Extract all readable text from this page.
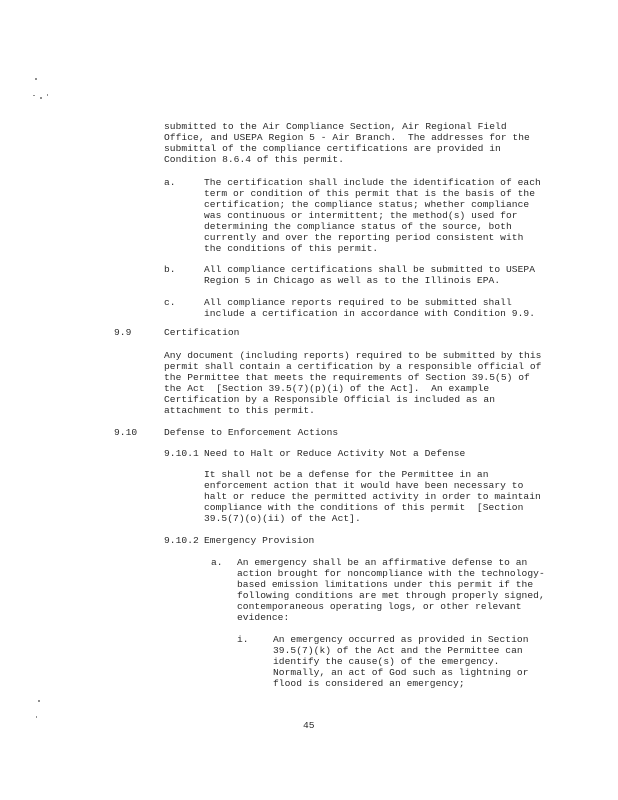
submitted to the Air Compliance Section, Air Regional Field
Office, and USEPA Region 5 - Air Branch.  The addresses for the
submittal of the compliance certifications are provided in
Condition 8.6.4 of this permit.
a.	The certification shall include the identification of each
term or condition of this permit that is the basis of the
certification; the compliance status; whether compliance
was continuous or intermittent; the method(s) used for
determining the compliance status of the source, both
currently and over the reporting period consistent with
the conditions of this permit.
b.	All compliance certifications shall be submitted to USEPA
Region 5 in Chicago as well as to the Illinois EPA.
c.	All compliance reports required to be submitted shall
include a certification in accordance with Condition 9.9.
9.9	Certification
Any document (including reports) required to be submitted by this
permit shall contain a certification by a responsible official of
the Permittee that meets the requirements of Section 39.5(5) of
the Act  [Section 39.5(7)(p)(i) of the Act].  An example
Certification by a Responsible Official is included as an
attachment to this permit.
9.10	Defense to Enforcement Actions
9.10.1 Need to Halt or Reduce Activity Not a Defense
It shall not be a defense for the Permittee in an
enforcement action that it would have been necessary to
halt or reduce the permitted activity in order to maintain
compliance with the conditions of this permit  [Section
39.5(7)(o)(ii) of the Act].
9.10.2 Emergency Provision
a. An emergency shall be an affirmative defense to an
action brought for noncompliance with the technology-
based emission limitations under this permit if the
following conditions are met through properly signed,
contemporaneous operating logs, or other relevant
evidence:
i.	An emergency occurred as provided in Section
39.5(7)(k) of the Act and the Permittee can
identify the cause(s) of the emergency.
Normally, an act of God such as lightning or
flood is considered an emergency;
45
